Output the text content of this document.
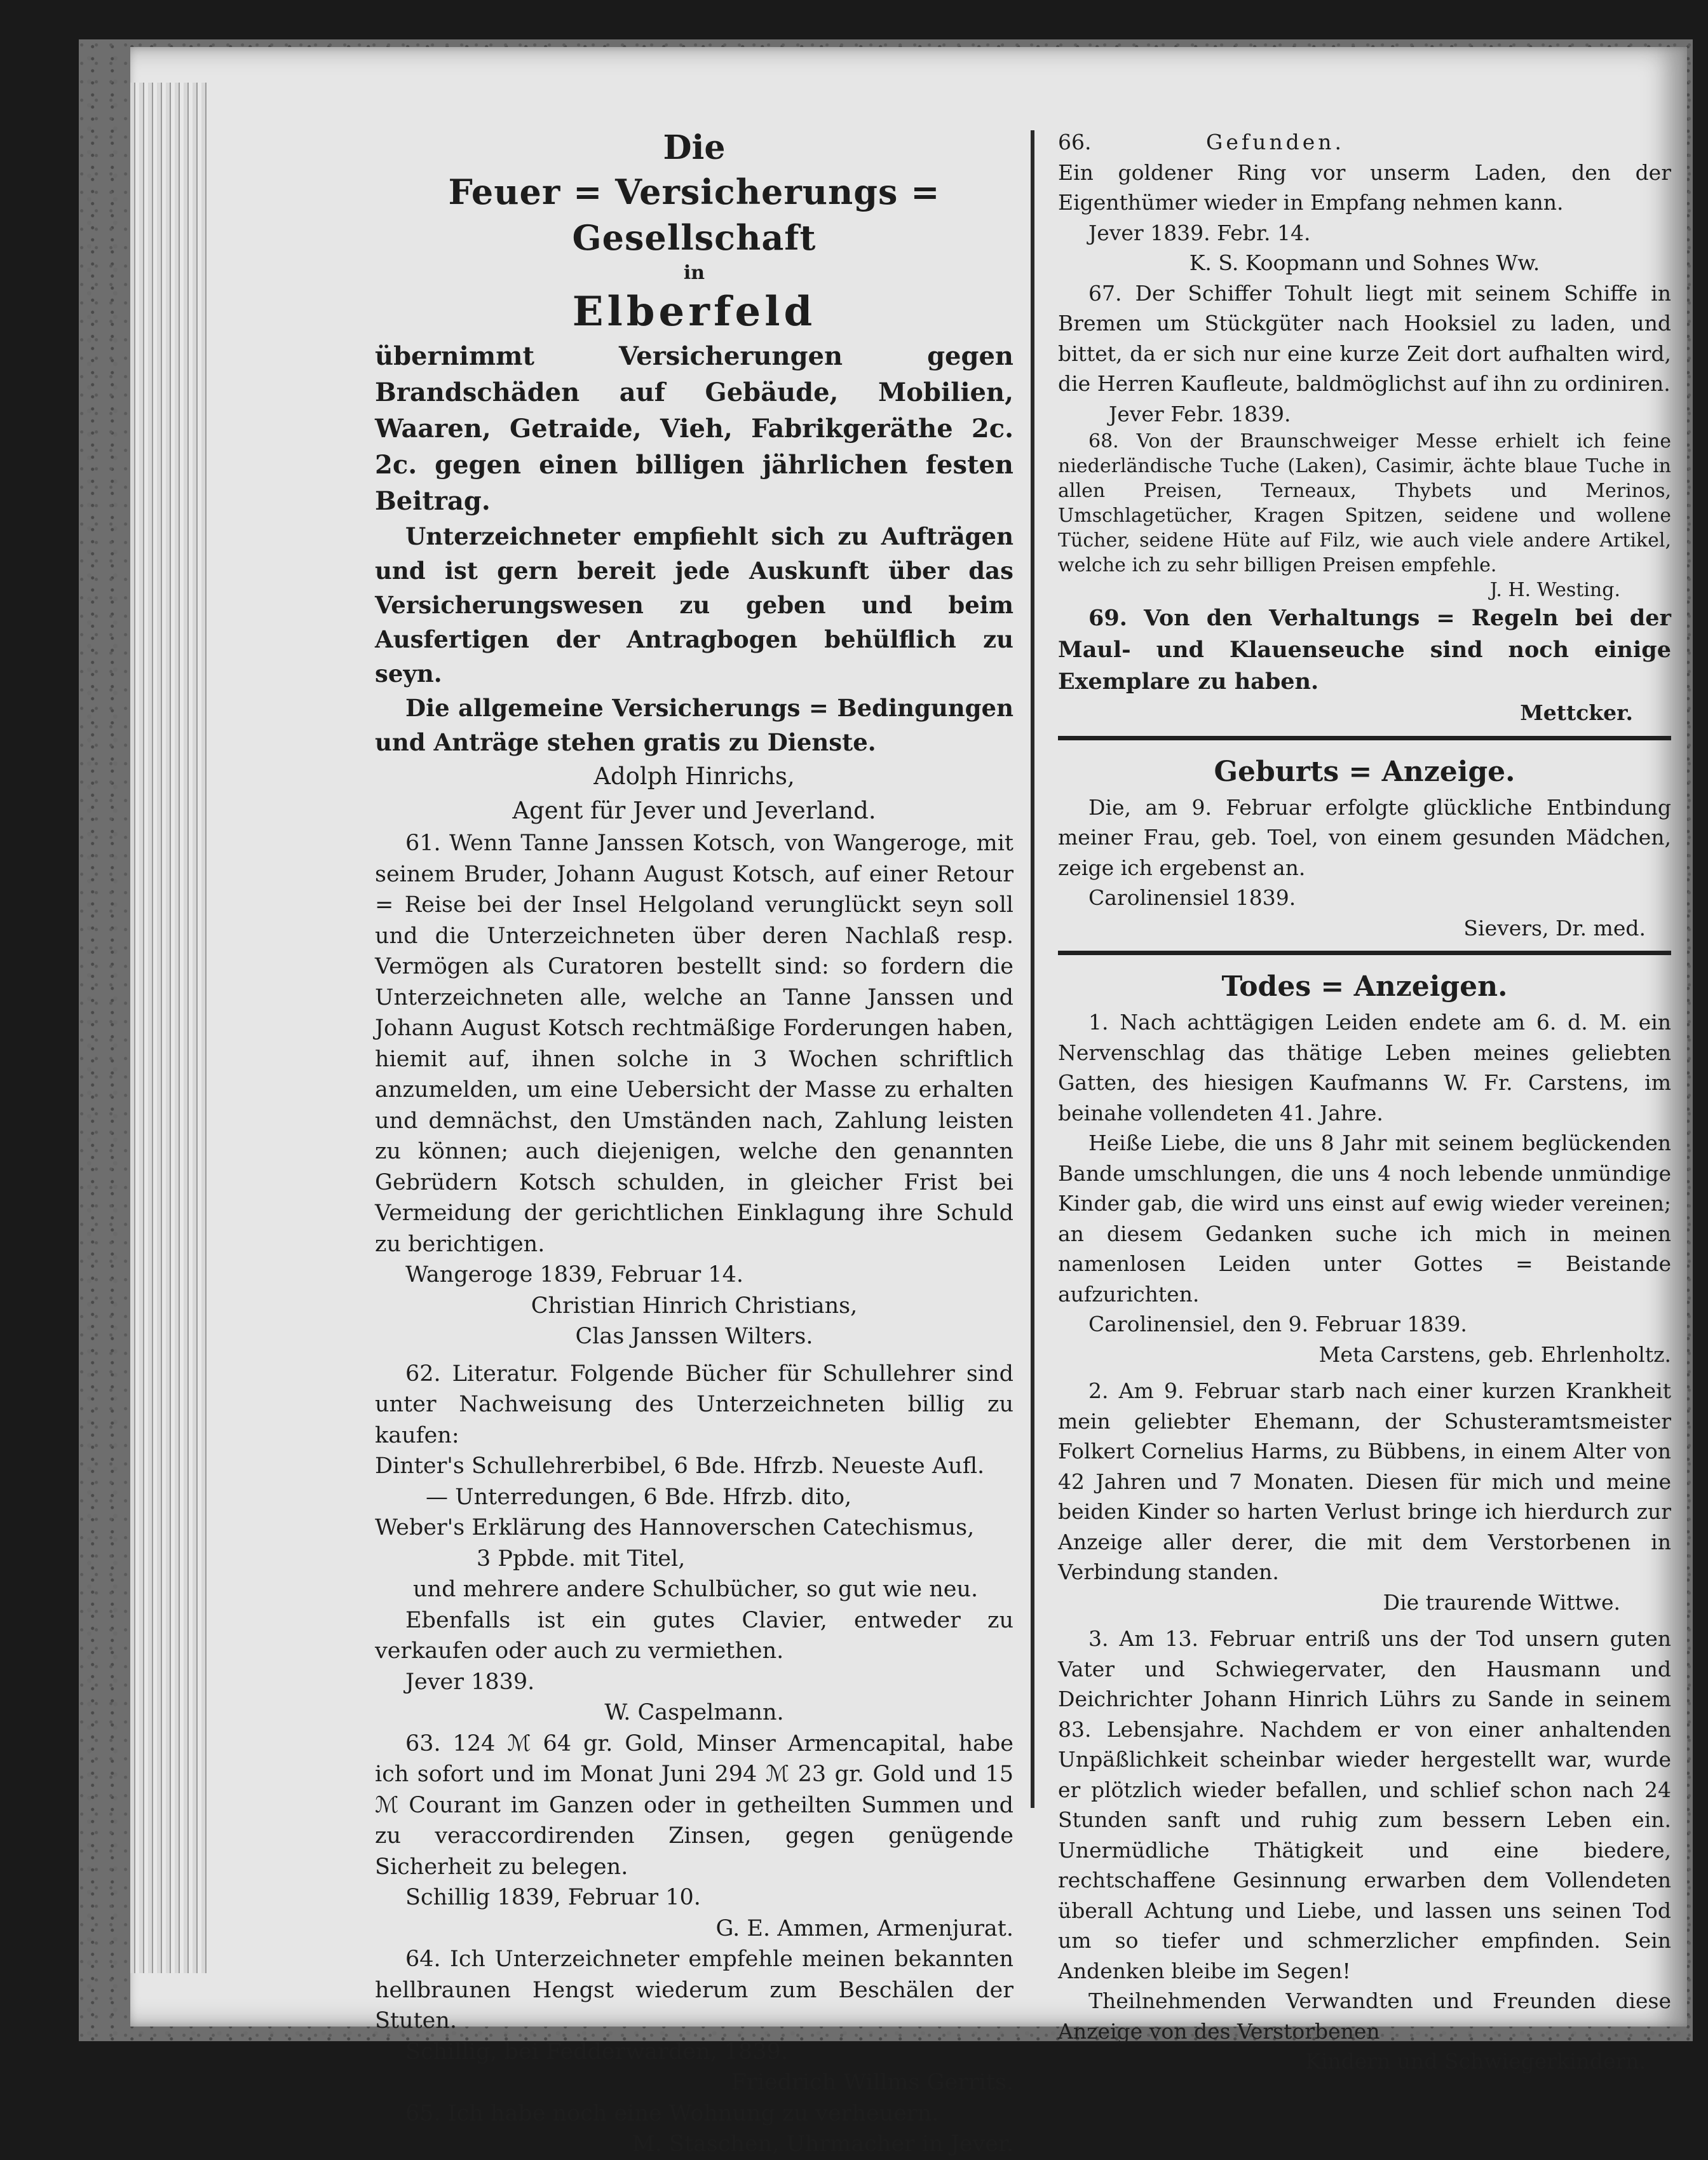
Die

Feuer = Versicherungs = Gesellschaft

in

Elberfeld

übernimmt Versicherungen gegen Brandschäden auf Gebäude, Mobilien, Waaren, Getraide, Vieh, Fabrikgeräthe 2c. 2c. gegen einen billigen jährlichen festen Beitrag.

Unterzeichneter empfiehlt sich zu Aufträgen und ist gern bereit jede Auskunft über das Versicherungswesen zu geben und beim Ausfertigen der Antragbogen behülflich zu seyn.

Die allgemeine Versicherungs = Bedingungen und Anträge stehen gratis zu Dienste.

Adolph Hinrichs,

Agent für Jever und Jeverland.

61. Wenn Tanne Janssen Kotsch, von Wangeroge, mit seinem Bruder, Johann August Kotsch, auf einer Retour = Reise bei der Insel Helgoland verunglückt seyn soll und die Unterzeichneten über deren Nachlaß resp. Vermögen als Curatoren bestellt sind: so fordern die Unterzeichneten alle, welche an Tanne Janssen und Johann August Kotsch rechtmäßige Forderungen haben, hiemit auf, ihnen solche in 3 Wochen schriftlich anzumelden, um eine Uebersicht der Masse zu erhalten und demnächst, den Umständen nach, Zahlung leisten zu können; auch diejenigen, welche den genannten Gebrüdern Kotsch schulden, in gleicher Frist bei Vermeidung der gerichtlichen Einklagung ihre Schuld zu berichtigen.

Wangeroge 1839, Februar 14.

Christian Hinrich Christians,

Clas Janssen Wilters.

62. Literatur. Folgende Bücher für Schullehrer sind unter Nachweisung des Unterzeichneten billig zu kaufen:

Dinter's Schullehrerbibel, 6 Bde. Hfrzb. Neueste Aufl.

— Unterredungen, 6 Bde. Hfrzb. dito,

Weber's Erklärung des Hannoverschen Catechismus,

3 Ppbde. mit Titel,

und mehrere andere Schulbücher, so gut wie neu.

Ebenfalls ist ein gutes Clavier, entweder zu verkaufen oder auch zu vermiethen.

Jever 1839.

W. Caspelmann.

63. 124 ℳ 64 gr. Gold, Minser Armencapital, habe ich sofort und im Monat Juni 294 ℳ 23 gr. Gold und 15 ℳ Courant im Ganzen oder in getheilten Summen und zu veraccordirenden Zinsen, gegen genügende Sicherheit zu belegen.

Schillig 1839, Februar 10.

G. E. Ammen, Armenjurat.

64. Ich Unterzeichneter empfehle meinen bekannten hellbraunen Hengst wiederum zum Beschälen der Stuten.

Schillig, bei Fedderwarden, 1839.

Friedrich Willms Gerrits.

65. Ich habe noch eine Wohnung zu verheuern.

M. Staschen, Uhrmacher in Jever.

66.	Gefunden.

Ein goldener Ring vor unserm Laden, den der Eigenthümer wieder in Empfang nehmen kann.

Jever 1839. Febr. 14.

K. S. Koopmann und Sohnes Ww.

67. Der Schiffer Tohult liegt mit seinem Schiffe in Bremen um Stückgüter nach Hooksiel zu laden, und bittet, da er sich nur eine kurze Zeit dort aufhalten wird, die Herren Kaufleute, baldmöglichst auf ihn zu ordiniren.

Jever Febr. 1839.

68. Von der Braunschweiger Messe erhielt ich feine niederländische Tuche (Laken), Casimir, ächte blaue Tuche in allen Preisen, Terneaux, Thybets und Merinos, Umschlagetücher, Kragen Spitzen, seidene und wollene Tücher, seidene Hüte auf Filz, wie auch viele andere Artikel, welche ich zu sehr billigen Preisen empfehle.

J. H. Westing.

69. Von den Verhaltungs = Regeln bei der Maul- und Klauenseuche sind noch einige Exemplare zu haben.

Mettcker.

Geburts = Anzeige.

Die, am 9. Februar erfolgte glückliche Entbindung meiner Frau, geb. Toel, von einem gesunden Mädchen, zeige ich ergebenst an.

Carolinensiel 1839.

Sievers, Dr. med.

Todes = Anzeigen.

1. Nach achttägigen Leiden endete am 6. d. M. ein Nervenschlag das thätige Leben meines geliebten Gatten, des hiesigen Kaufmanns W. Fr. Carstens, im beinahe vollendeten 41. Jahre.

Heiße Liebe, die uns 8 Jahr mit seinem beglückenden Bande umschlungen, die uns 4 noch lebende unmündige Kinder gab, die wird uns einst auf ewig wieder vereinen; an diesem Gedanken suche ich mich in meinen namenlosen Leiden unter Gottes = Beistande aufzurichten.

Carolinensiel, den 9. Februar 1839.

Meta Carstens, geb. Ehrlenholtz.

2. Am 9. Februar starb nach einer kurzen Krankheit mein geliebter Ehemann, der Schusteramtsmeister Folkert Cornelius Harms, zu Bübbens, in einem Alter von 42 Jahren und 7 Monaten. Diesen für mich und meine beiden Kinder so harten Verlust bringe ich hierdurch zur Anzeige aller derer, die mit dem Verstorbenen in Verbindung standen.

Die traurende Wittwe.

3. Am 13. Februar entriß uns der Tod unsern guten Vater und Schwiegervater, den Hausmann und Deichrichter Johann Hinrich Lührs zu Sande in seinem 83. Lebensjahre. Nachdem er von einer anhaltenden Unpäßlichkeit scheinbar wieder hergestellt war, wurde er plötzlich wieder befallen, und schlief schon nach 24 Stunden sanft und ruhig zum bessern Leben ein. Unermüdliche Thätigkeit und eine biedere, rechtschaffene Gesinnung erwarben dem Vollendeten überall Achtung und Liebe, und lassen uns seinen Tod um so tiefer und schmerzlicher empfinden. Sein Andenken bleibe im Segen!

Theilnehmenden Verwandten und Freunden diese Anzeige von des Verstorbenen

Kindern und Schwiegerkindern.
